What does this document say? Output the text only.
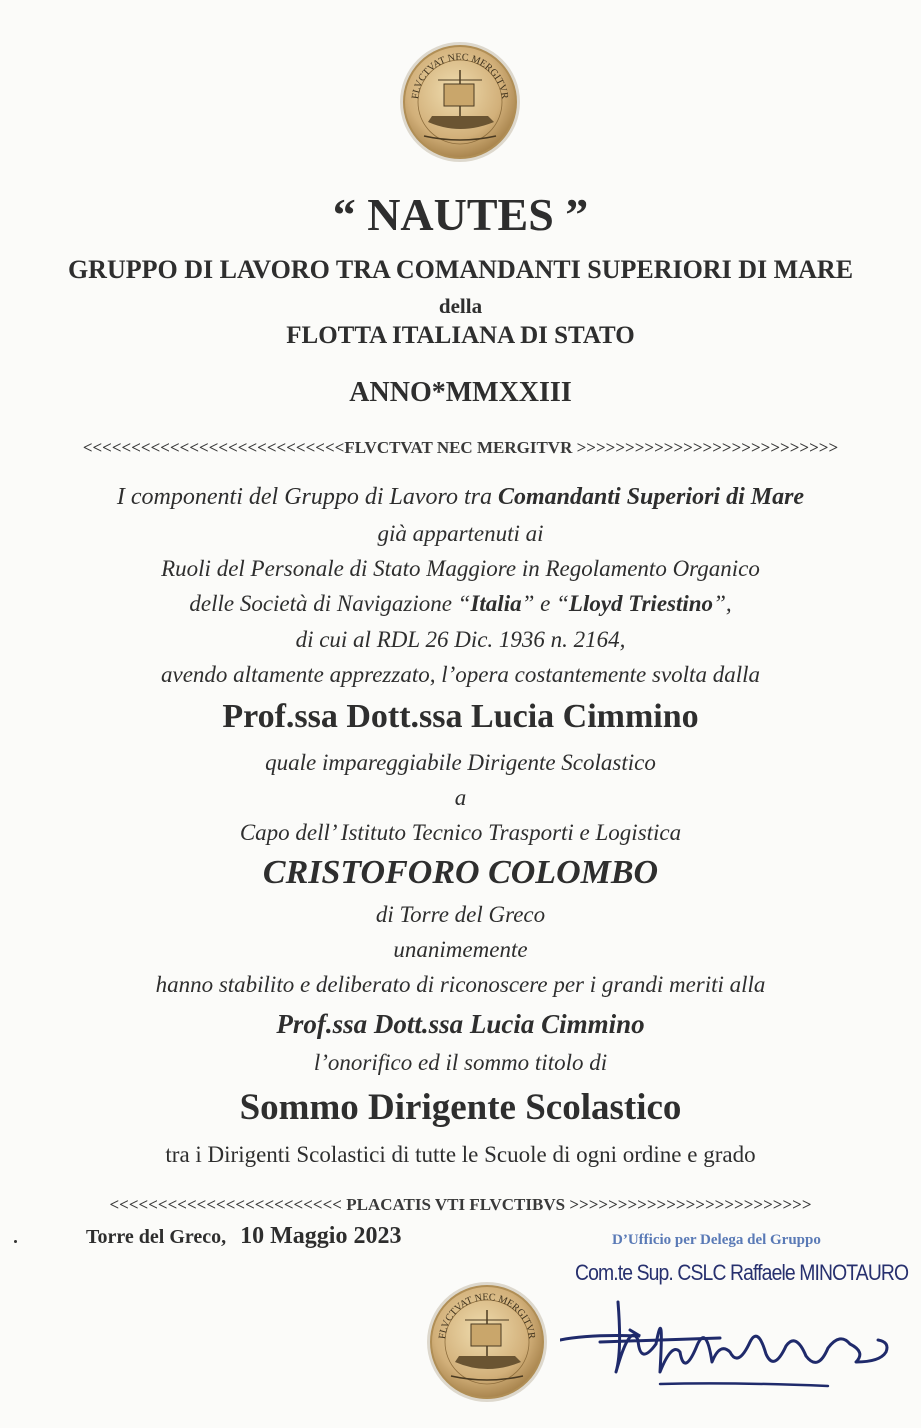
FLVCTVAT NEC MERGITVR
“ NAUTES ”
GRUPPO DI LAVORO TRA COMANDANTI SUPERIORI DI MARE
della
FLOTTA ITALIANA DI STATO
ANNO*MMXXIII
<<<<<<<<<<<<<<<<<<<<<<<<<<<FLVCTVAT NEC MERGITVR >>>>>>>>>>>>>>>>>>>>>>>>>>>
I componenti del Gruppo di Lavoro tra Comandanti Superiori di Mare
già appartenuti ai
Ruoli del Personale di Stato Maggiore in Regolamento Organico
delle Società di Navigazione “Italia” e “Lloyd Triestino”,
di cui al RDL 26 Dic. 1936 n. 2164,
avendo altamente apprezzato, l’opera costantemente svolta dalla
Prof.ssa Dott.ssa Lucia Cimmino
quale impareggiabile Dirigente Scolastico
a
Capo dell’ Istituto Tecnico Trasporti e Logistica
CRISTOFORO COLOMBO
di Torre del Greco
unanimemente
hanno stabilito e deliberato di riconoscere per i grandi meriti alla
Prof.ssa Dott.ssa Lucia Cimmino
l’onorifico ed il sommo titolo di
Sommo Dirigente Scolastico
tra i Dirigenti Scolastici di tutte le Scuole di ogni ordine e grado
<<<<<<<<<<<<<<<<<<<<<<<< PLACATIS VTI FLVCTIBVS >>>>>>>>>>>>>>>>>>>>>>>>>
Torre del Greco, 10 Maggio 2023	D’Ufficio per Delega del Gruppo
Com.te Sup. CSLC Raffaele MINOTAURO
FLVCTVAT NEC MERGITVR
